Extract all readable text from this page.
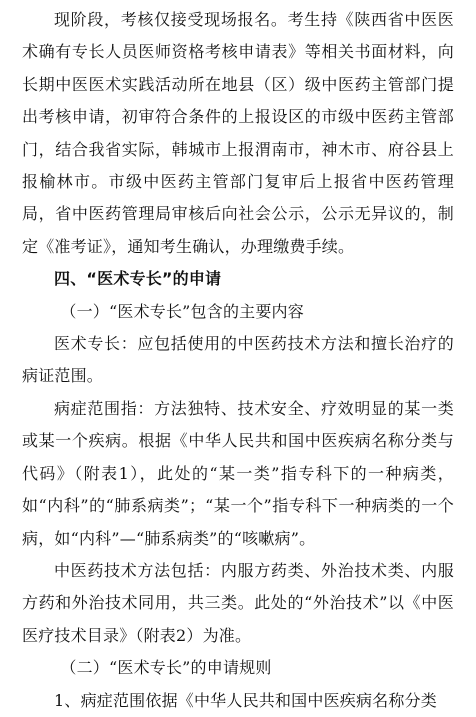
现阶段，考核仅接受现场报名。考生持《陕西省中医医术确有专长人员医师资格考核申请表》等相关书面材料，向长期中医医术实践活动所在地县（区）级中医药主管部门提出考核申请，初审符合条件的上报设区的市级中医药主管部门，结合我省实际，韩城市上报渭南市，神木市、府谷县上报榆林市。市级中医药主管部门复审后上报省中医药管理局，省中医药管理局审核后向社会公示，公示无异议的，制定《准考证》，通知考生确认，办理缴费手续。

四、“医术专长”的申请

（一）“医术专长”包含的主要内容

医术专长：应包括使用的中医药技术方法和擅长治疗的病证范围。

病症范围指：方法独特、技术安全、疗效明显的某一类或某一个疾病。根据《中华人民共和国中医疾病名称分类与代码》（附表1），此处的“某一类”指专科下的一种病类，如“内科”的“肺系病类”；“某一个”指专科下一种病类的一个病，如“内科”—“肺系病类”的“咳嗽病”。

中医药技术方法包括：内服方药类、外治技术类、内服方药和外治技术同用，共三类。此处的“外治技术”以《中医医疗技术目录》（附表2）为准。

（二）“医术专长”的申请规则

1、病症范围依据《中华人民共和国中医疾病名称分类
